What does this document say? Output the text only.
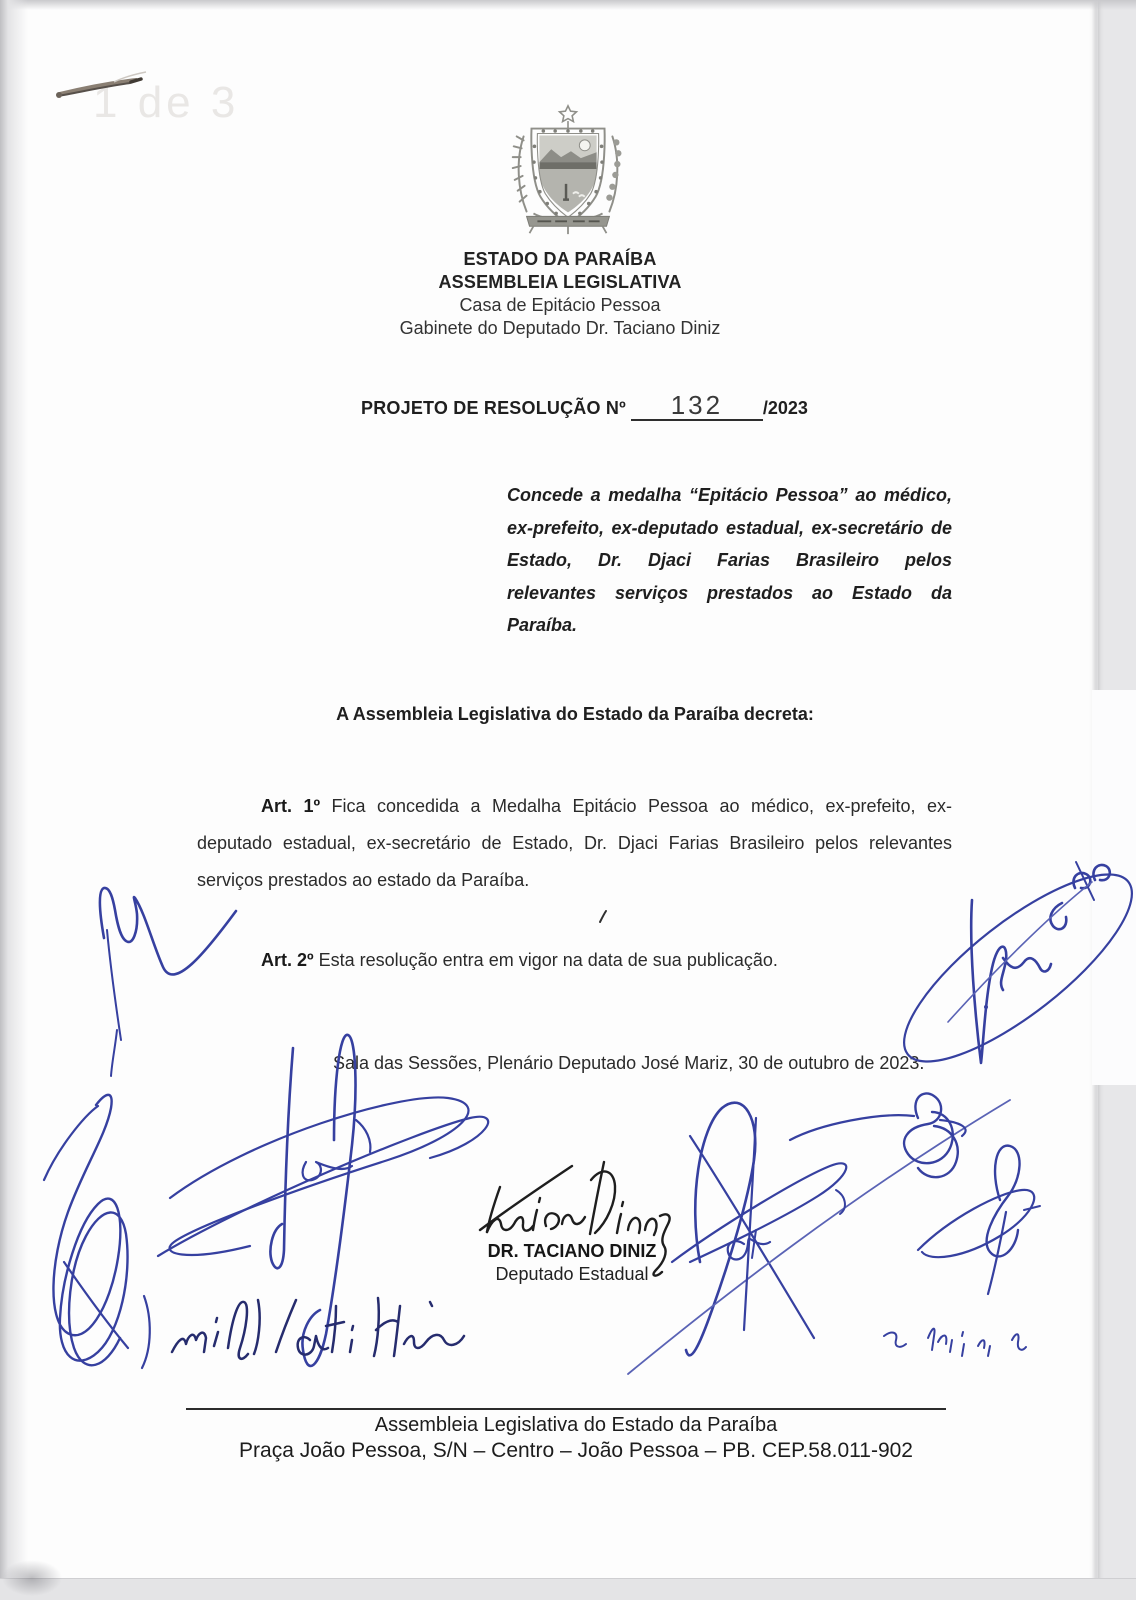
1 de 3
ESTADO DA PARAÍBA
ASSEMBLEIA LEGISLATIVA
Casa de Epitácio Pessoa
Gabinete do Deputado Dr. Taciano Diniz
PROJETO DE RESOLUÇÃO Nº	132	/2023
Concede a medalha “Epitácio Pessoa” ao médico, ex-prefeito, ex-deputado estadual, ex-secretário de Estado, Dr. Djaci Farias Brasileiro pelos relevantes serviços prestados ao Estado da Paraíba.
A Assembleia Legislativa do Estado da Paraíba decreta:

Art. 1º Fica concedida a Medalha Epitácio Pessoa ao médico, ex-prefeito, ex-deputado estadual, ex-secretário de Estado, Dr. Djaci Farias Brasileiro pelos relevantes serviços prestados ao estado da Paraíba.

Art. 2º Esta resolução entra em vigor na data de sua publicação.

Sala das Sessões, Plenário Deputado José Mariz, 30 de outubro de 2023.
DR. TACIANO DINIZ
Deputado Estadual
Assembleia Legislativa do Estado da Paraíba
Praça João Pessoa, S/N – Centro – João Pessoa – PB. CEP.58.011-902
